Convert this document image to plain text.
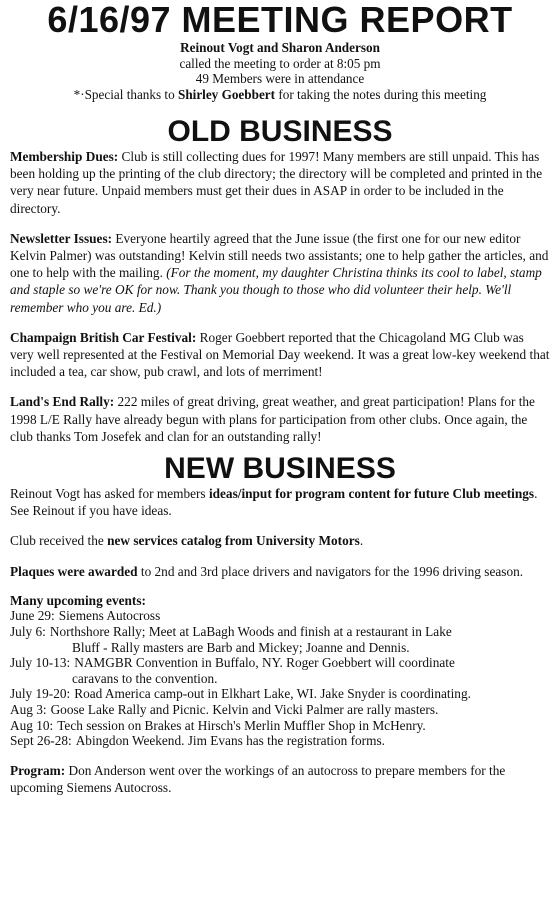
6/16/97 MEETING REPORT
Reinout Vogt and Sharon Anderson
called the meeting to order at 8:05 pm
49 Members were in attendance
*·Special thanks to Shirley Goebbert for taking the notes during this meeting
OLD BUSINESS

Membership Dues: Club is still collecting dues for 1997! Many members are still unpaid. This has been holding up the printing of the club directory; the directory will be completed and printed in the very near future. Unpaid members must get their dues in ASAP in order to be included in the directory.

Newsletter Issues: Everyone heartily agreed that the June issue (the first one for our new editor Kelvin Palmer) was outstanding! Kelvin still needs two assistants; one to help gather the articles, and one to help with the mailing. (For the moment, my daughter Christina thinks its cool to label, stamp and staple so we're OK for now. Thank you though to those who did volunteer their help. We'll remember who you are. Ed.)

Champaign British Car Festival: Roger Goebbert reported that the Chicagoland MG Club was very well represented at the Festival on Memorial Day weekend. It was a great low-key weekend that included a tea, car show, pub crawl, and lots of merriment!

Land's End Rally: 222 miles of great driving, great weather, and great participation! Plans for the 1998 L/E Rally have already begun with plans for participation from other clubs. Once again, the club thanks Tom Josefek and clan for an outstanding rally!

NEW BUSINESS

Reinout Vogt has asked for members ideas/input for program content for future Club meetings. See Reinout if you have ideas.

Club received the new services catalog from University Motors.

Plaques were awarded to 2nd and 3rd place drivers and navigators for the 1996 driving season.

Many upcoming events:
June 29: Siemens Autocross
July 6: Northshore Rally; Meet at LaBagh Woods and finish at a restaurant in Lake
Bluff - Rally masters are Barb and Mickey; Joanne and Dennis.
July 10-13: NAMGBR Convention in Buffalo, NY. Roger Goebbert will coordinate
caravans to the convention.
July 19-20: Road America camp-out in Elkhart Lake, WI. Jake Snyder is coordinating.
Aug 3: Goose Lake Rally and Picnic. Kelvin and Vicki Palmer are rally masters.
Aug 10: Tech session on Brakes at Hirsch's Merlin Muffler Shop in McHenry.
Sept 26-28: Abingdon Weekend. Jim Evans has the registration forms.

Program: Don Anderson went over the workings of an autocross to prepare members for the upcoming Siemens Autocross.
